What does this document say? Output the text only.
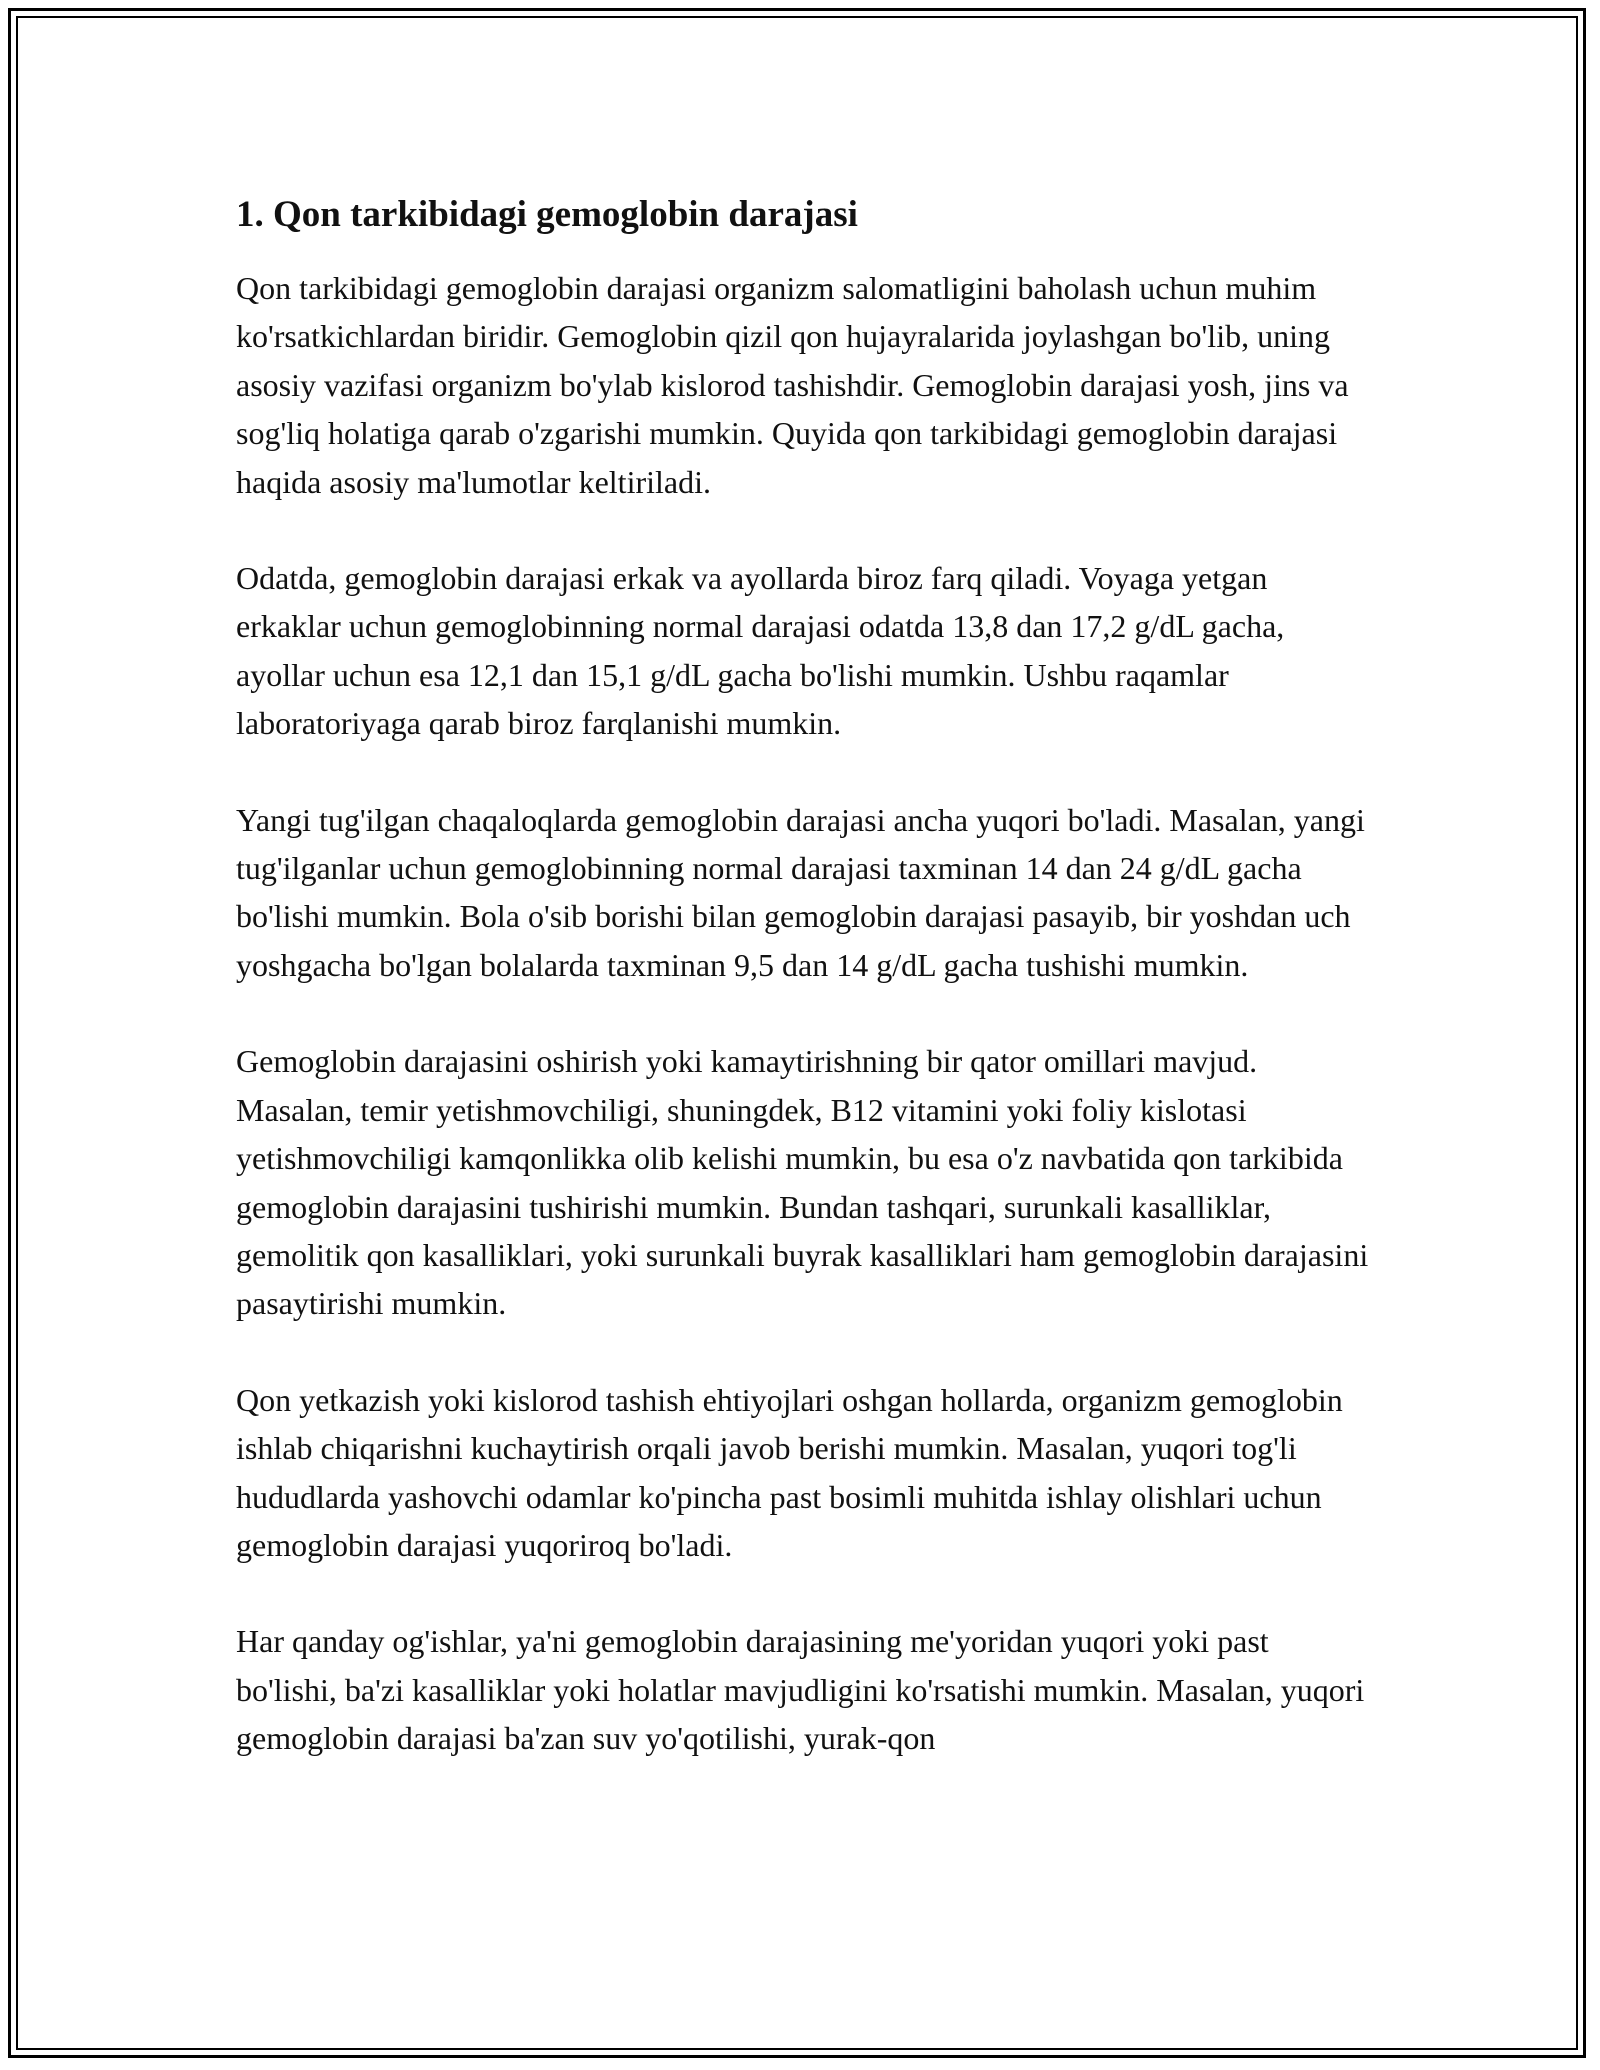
1. Qon tarkibidagi gemoglobin darajasi

Qon tarkibidagi gemoglobin darajasi organizm salomatligini baholash uchun muhim ko'rsatkichlardan biridir. Gemoglobin qizil qon hujayralarida joylashgan bo'lib, uning asosiy vazifasi organizm bo'ylab kislorod tashishdir. Gemoglobin darajasi yosh, jins va sog'liq holatiga qarab o'zgarishi mumkin. Quyida qon tarkibidagi gemoglobin darajasi haqida asosiy ma'lumotlar keltiriladi.

Odatda, gemoglobin darajasi erkak va ayollarda biroz farq qiladi. Voyaga yetgan erkaklar uchun gemoglobinning normal darajasi odatda 13,8 dan 17,2 g/dL gacha, ayollar uchun esa 12,1 dan 15,1 g/dL gacha bo'lishi mumkin. Ushbu raqamlar laboratoriyaga qarab biroz farqlanishi mumkin.

Yangi tug'ilgan chaqaloqlarda gemoglobin darajasi ancha yuqori bo'ladi. Masalan, yangi tug'ilganlar uchun gemoglobinning normal darajasi taxminan 14 dan 24 g/dL gacha bo'lishi mumkin. Bola o'sib borishi bilan gemoglobin darajasi pasayib, bir yoshdan uch yoshgacha bo'lgan bolalarda taxminan 9,5 dan 14 g/dL gacha tushishi mumkin.

Gemoglobin darajasini oshirish yoki kamaytirishning bir qator omillari mavjud. Masalan, temir yetishmovchiligi, shuningdek, B12 vitamini yoki foliy kislotasi yetishmovchiligi kamqonlikka olib kelishi mumkin, bu esa o'z navbatida qon tarkibida gemoglobin darajasini tushirishi mumkin. Bundan tashqari, surunkali kasalliklar, gemolitik qon kasalliklari, yoki surunkali buyrak kasalliklari ham gemoglobin darajasini pasaytirishi mumkin.

Qon yetkazish yoki kislorod tashish ehtiyojlari oshgan hollarda, organizm gemoglobin ishlab chiqarishni kuchaytirish orqali javob berishi mumkin. Masalan, yuqori tog'li hududlarda yashovchi odamlar ko'pincha past bosimli muhitda ishlay olishlari uchun gemoglobin darajasi yuqoriroq bo'ladi.

Har qanday og'ishlar, ya'ni gemoglobin darajasining me'yoridan yuqori yoki past bo'lishi, ba'zi kasalliklar yoki holatlar mavjudligini ko'rsatishi mumkin. Masalan, yuqori gemoglobin darajasi ba'zan suv yo'qotilishi, yurak-qon
